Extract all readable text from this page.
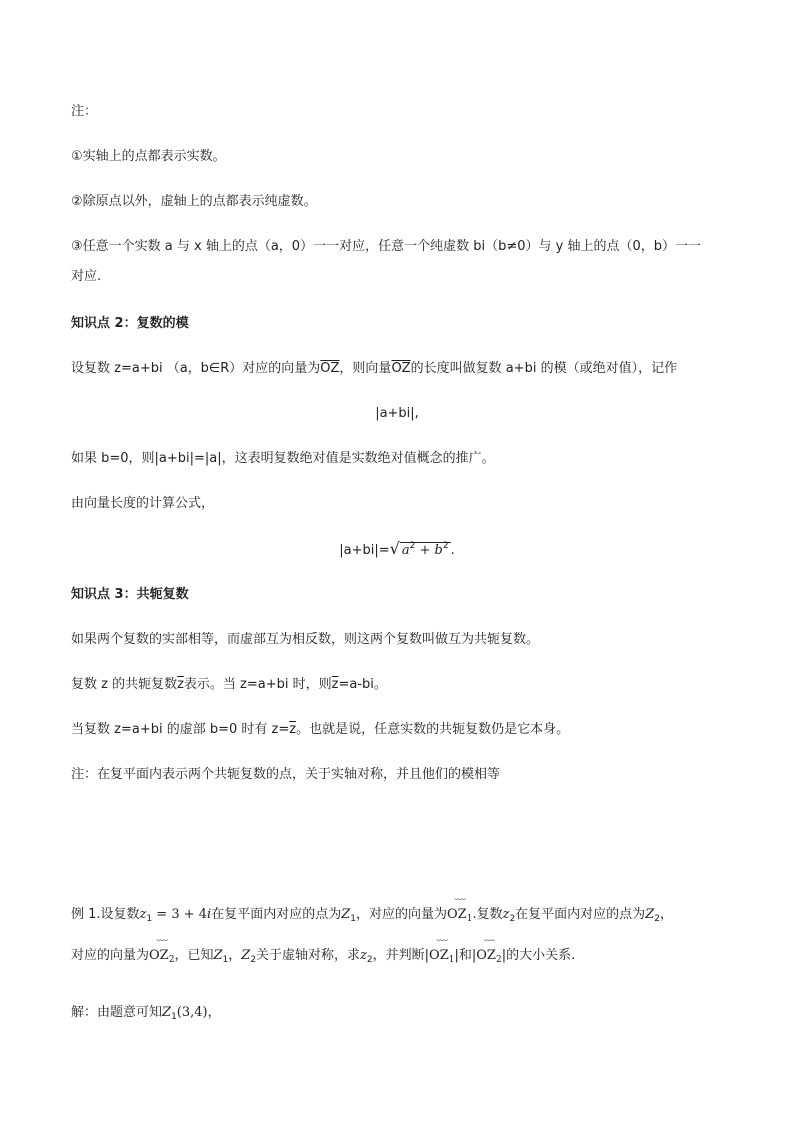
注：
①实轴上的点都表示实数。
②除原点以外，虚轴上的点都表示纯虚数。
③任意一个实数 a 与 x 轴上的点（a，0）一一对应，任意一个纯虚数 bi（b≠0）与 y 轴上的点（0，b）一一
对应.
知识点 2：复数的模
设复数 z=a+bi （a，b∈R）对应的向量为$\overline{OZ}$，则向量$\overline{OZ}$的长度叫做复数 a+bi 的模（或绝对值），记作
|a+bi|,
如果 b=0，则|a+bi|=|a|，这表明复数绝对值是实数绝对值概念的推广。
由向量长度的计算公式，
|a+bi|=√ $a^2 + b^2$ .
知识点 3：共轭复数
如果两个复数的实部相等，而虚部互为相反数，则这两个复数叫做互为共轭复数。
复数 z 的共轭复数$\overline{z}$表示。当 z=a+bi 时，则$\overline{z}=a-bi$。
当复数 z=a+bi 的虚部 b=0 时有 $z=\overline{z}$。也就是说，任意实数的共轭复数仍是它本身。
注：在复平面内表示两个共轭复数的点，关于实轴对称，并且他们的模相等
例 1.设复数$z_1 = 3 + 4i$在复平面内对应的点为$Z_1$，对应的向量为
⌣⌣⌣
$OZ_1$.复数$z_2$在复平面内对应的点为$Z_2$，
对应的向量为
⌣⌣⌣
$OZ_2$，已知$Z_1$，$Z_2$关于虚轴对称，求$z_2$，并判断|
⌣⌣⌣
$OZ_1|$和|
⌣⌣⌣
$OZ_2|$的大小关系.
解：由题意可知$Z_1(3,4)$，
